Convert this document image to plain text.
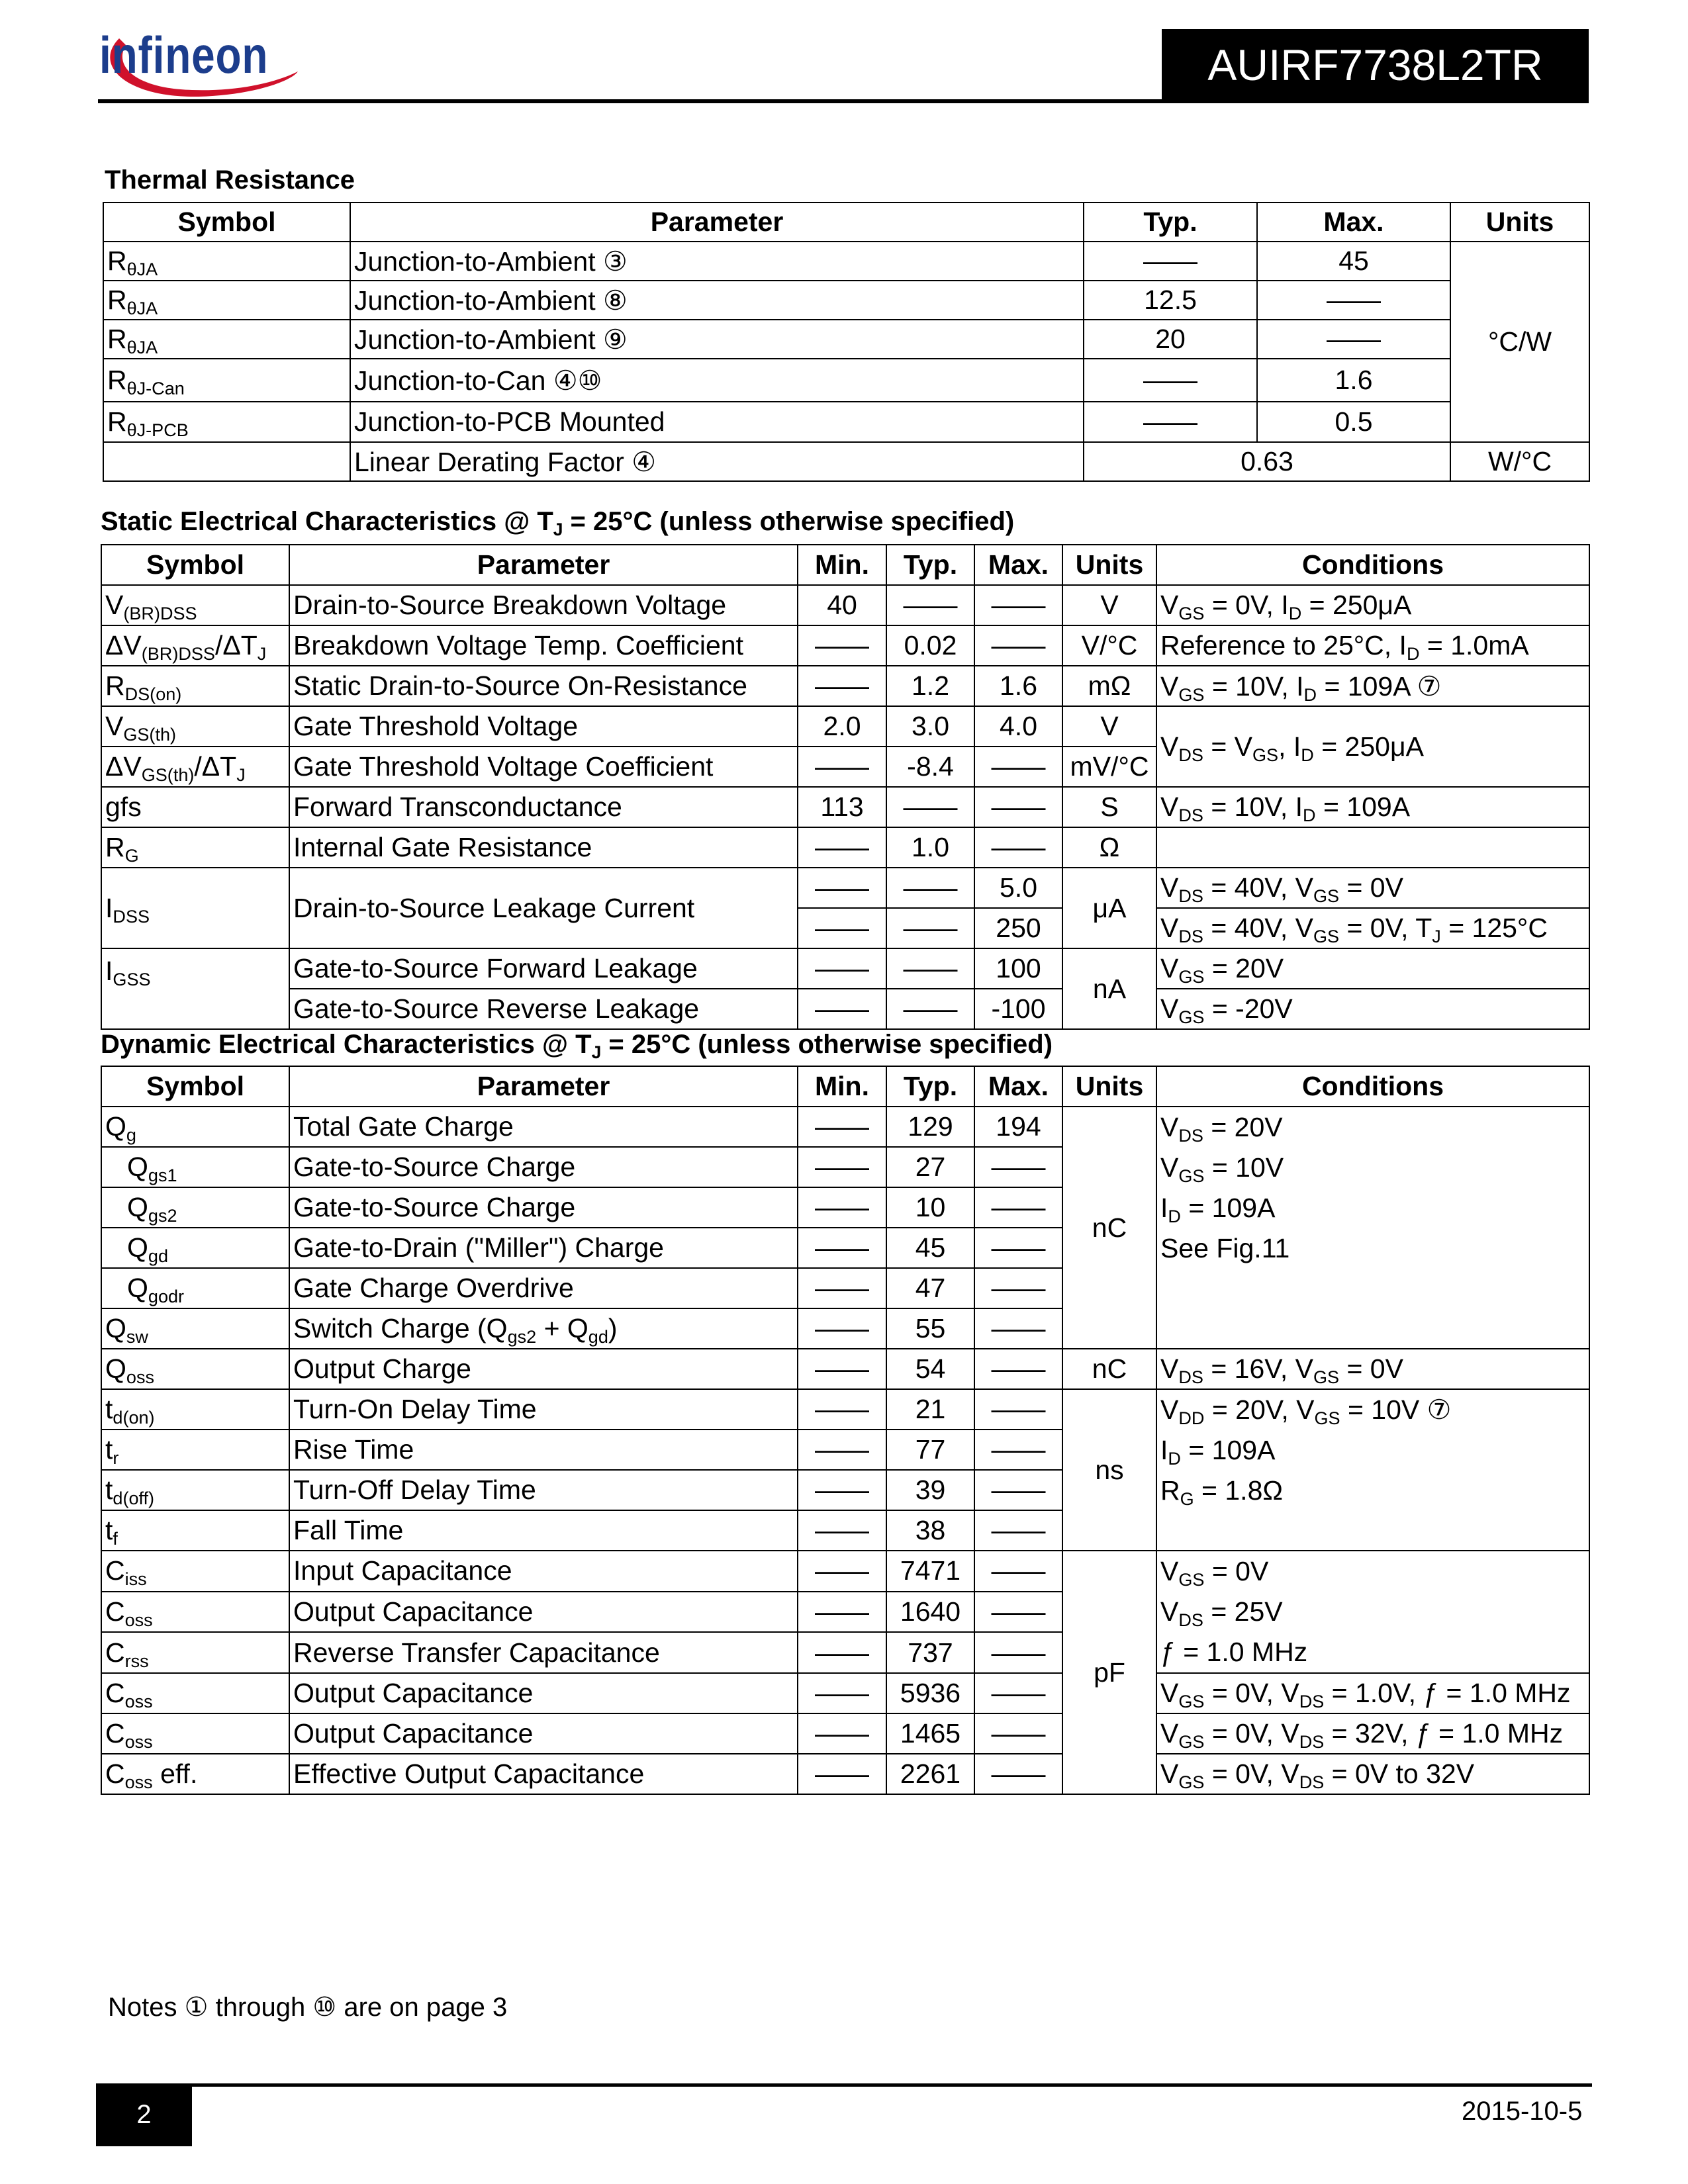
infineon	AUIRF7738L2TR
Thermal Resistance
Symbol	Parameter	Typ.	Max.	Units
$R_{\theta JA}$	Junction-to-Ambient ③	——	45	°C/W
$R_{\theta JA}$	Junction-to-Ambient ⑧	12.5	——	
$R_{\theta JA}$	Junction-to-Ambient ⑨	20	——	
$R_{\theta J-Can}$	Junction-to-Can ④⑩	——	1.6	
$R_{\theta J-PCB}$	Junction-to-PCB Mounted	——	0.5	
	Linear Derating Factor ④	0.63		W/°C
Static Electrical Characteristics @ $T_J = 25^\circ C$ (unless otherwise specified)
Symbol	Parameter	Min.	Typ.	Max.	Units	Conditions
$V_{(BR)DSS}$	Drain-to-Source Breakdown Voltage	40	——	——	V	$V_{GS} = 0V$, $I_D = 250\mu A$
$\Delta V_{(BR)DSS}/\Delta T_J$	Breakdown Voltage Temp. Coefficient	——	0.02	——	V/°C	Reference to 25°C, $I_D = 1.0mA$
$R_{DS(on)}$	Static Drain-to-Source On-Resistance	——	1.2	1.6	mΩ	$V_{GS} = 10V$, $I_D = 109A$ ⑦
$V_{GS(th)}$	Gate Threshold Voltage	2.0	3.0	4.0	V	$V_{DS} = V_{GS}$, $I_D = 250\mu A$
$\Delta V_{GS(th)}/\Delta T_J$	Gate Threshold Voltage Coefficient	——	-8.4	——	mV/°C	
gfs	Forward Transconductance	113	——	——	S	$V_{DS} = 10V$, $I_D = 109A$
$R_G$	Internal Gate Resistance	——	1.0	——	Ω	
$I_{DSS}$	Drain-to-Source Leakage Current	——	——	5.0	μA	$V_{DS} = 40V$, $V_{GS} = 0V$
		——	——	250		$V_{DS} = 40V$, $V_{GS} = 0V$, $T_J = 125^\circ C$
$I_{GSS}$	Gate-to-Source Forward Leakage	——	——	100	nA	$V_{GS} = 20V$
	Gate-to-Source Reverse Leakage	——	——	-100		$V_{GS} = -20V$
Dynamic Electrical Characteristics @ $T_J = 25^\circ C$ (unless otherwise specified)
Symbol	Parameter	Min.	Typ.	Max.	Units	Conditions
$Q_g$	Total Gate Charge	——	129	194	nC	$V_{DS} = 20V$
$V_{GS} = 10V$
$I_D = 109A$
See Fig.11

$Q_{gs1}$	Gate-to-Source Charge	——	27	——		
$Q_{gs2}$	Gate-to-Source Charge	——	10	——		
$Q_{gd}$	Gate-to-Drain ("Miller") Charge	——	45	——		
$Q_{godr}$	Gate Charge Overdrive	——	47	——		
$Q_{sw}$	Switch Charge $(Q_{gs2} + Q_{gd})$	——	55	——		
$Q_{oss}$	Output Charge	——	54	——	nC	$V_{DS} = 16V$, $V_{GS} = 0V$
$t_{d(on)}$	Turn-On Delay Time	——	21	——	ns	$V_{DD} = 20V$, $V_{GS} = 10V$ ⑦
$I_D = 109A$
$R_G = 1.8\Omega$

$t_r$	Rise Time	——	77	——		
$t_{d(off)}$	Turn-Off Delay Time	——	39	——		
$t_f$	Fall Time	——	38	——		
$C_{iss}$	Input Capacitance	——	7471	——	pF	$V_{GS} = 0V$
$V_{DS} = 25V$
ƒ = 1.0 MHz

$C_{oss}$	Output Capacitance	——	1640	——		
$C_{rss}$	Reverse Transfer Capacitance	——	737	——		
$C_{oss}$	Output Capacitance	——	5936	——		$V_{GS} = 0V$, $V_{DS} = 1.0V$, ƒ = 1.0 MHz
$C_{oss}$	Output Capacitance	——	1465	——		$V_{GS} = 0V$, $V_{DS} = 32V$, ƒ = 1.0 MHz
$C_{oss}$ eff.	Effective Output Capacitance	——	2261	——		$V_{GS} = 0V$, $V_{DS} = 0V$ to 32V
Notes ① through ⑩ are on page 3
2	2015-10-5
